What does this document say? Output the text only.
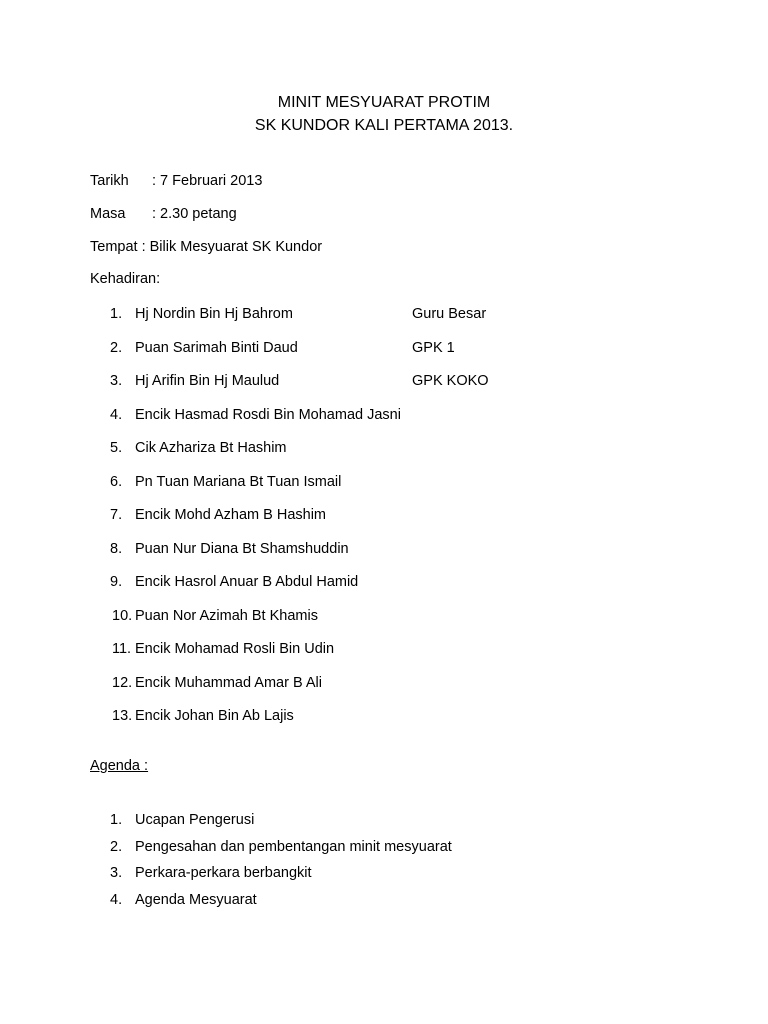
MINIT MESYUARAT PROTIM
SK KUNDOR KALI PERTAMA 2013.
Tarikh : 7 Februari 2013
Masa : 2.30 petang
Tempat : Bilik Mesyuarat SK Kundor
Kehadiran:
1. Hj Nordin Bin Hj Bahrom	Guru Besar
2. Puan Sarimah Binti Daud	GPK 1
3. Hj Arifin Bin Hj Maulud	GPK KOKO
4. Encik Hasmad Rosdi Bin Mohamad Jasni
5. Cik Azhariza Bt Hashim
6. Pn Tuan Mariana Bt Tuan Ismail
7. Encik Mohd Azham B Hashim
8. Puan Nur Diana Bt Shamshuddin
9. Encik Hasrol Anuar B Abdul Hamid
10. Puan Nor Azimah Bt Khamis
11. Encik Mohamad Rosli Bin Udin
12. Encik Muhammad Amar B Ali
13. Encik Johan Bin Ab Lajis
Agenda :
1. Ucapan Pengerusi
2. Pengesahan dan pembentangan minit mesyuarat
3. Perkara-perkara berbangkit
4. Agenda Mesyuarat
